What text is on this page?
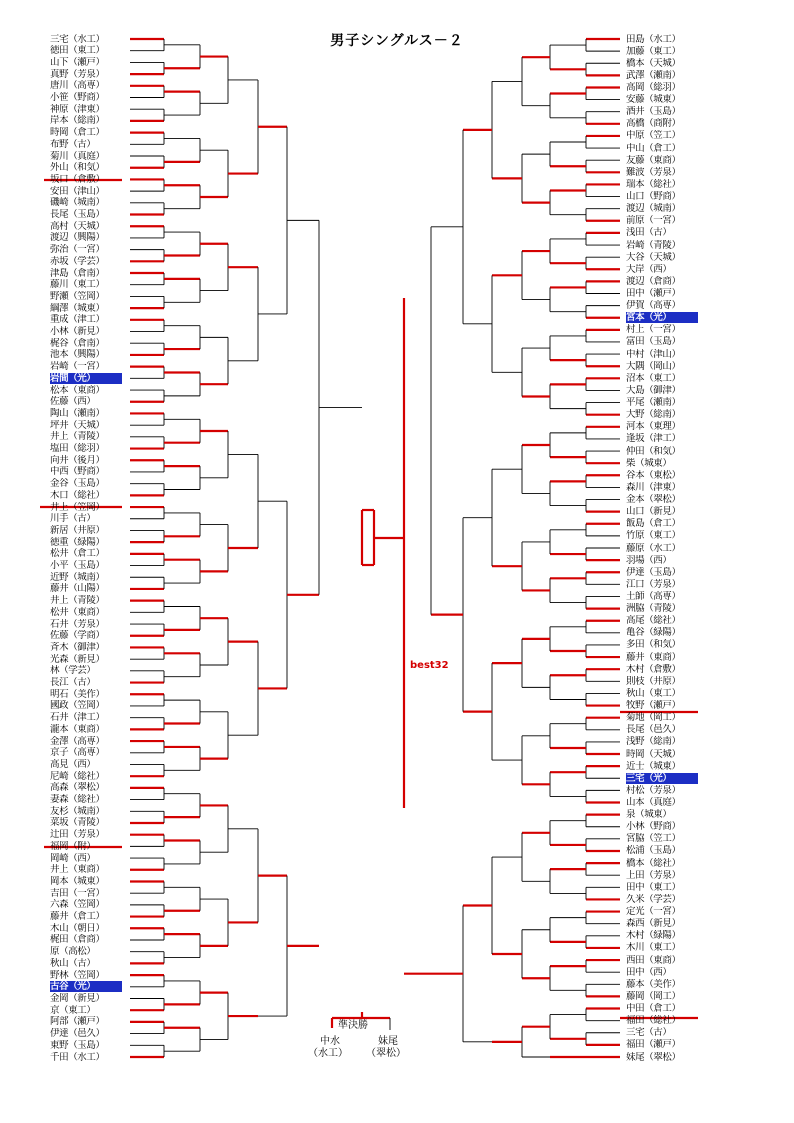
男子シングルス－２
三宅（水工）
徳田（東工）
山下（瀬戸）
真野（芳泉）
唐川（高専）
小笹（野商）
神原（津東）
岸本（総南）
時岡（倉工）
布野（古）
菊川（真庭）
外山（和気）
坂口（倉敷）
安田（津山）
磯崎（城南）
長尾（玉島）
高村（天城）
渡辺（興陽）
弥治（一宮）
赤坂（学芸）
津島（倉南）
藤川（東工）
野瀬（笠岡）
綱澤（城東）
重成（津工）
小林（新見）
梶谷（倉南）
池本（興陽）
岩崎（一宮）
岩間（光）
松本（東商）
佐藤（西）
陶山（瀬南）
坪井（天城）
井上（青陵）
塩田（総羽）
向井（後月）
中西（野商）
金谷（玉島）
木口（総社）
井上（笠岡）
川手（古）
新居（井原）
徳重（緑陽）
松井（倉工）
小平（玉島）
近野（城南）
藤井（山陽）
井上（青陵）
松井（東商）
石井（芳泉）
佐藤（学商）
斉木（御津）
光森（新見）
林（学芸）
長江（古）
明石（美作）
國政（笠岡）
石井（津工）
瀧本（東商）
金澤（高専）
京子（高専）
高見（西）
尼崎（総社）
高森（翠松）
妻森（総社）
友杉（城南）
菜坂（青陵）
辻田（芳泉）
福岡（附）
岡崎（西）
井上（東商）
岡本（城東）
吉田（一宮）
六森（笠岡）
藤井（倉工）
木山（朝日）
梶田（倉商）
原（高松）
秋山（古）
野林（笠岡）
古谷（光）
金岡（新見）
京（東工）
阿部（瀬戸）
伊達（邑久）
東野（玉島）
千田（水工）
田島（水工）
加藤（東工）
橋本（天城）
武澤（瀬南）
高岡（総羽）
安藤（城東）
酒井（玉島）
高橋（商附）
中原（笠工）
中山（倉工）
友藤（東商）
難波（芳泉）
瑞本（総社）
山口（野商）
渡辺（城南）
前原（一宮）
浅田（古）
岩崎（青陵）
大谷（天城）
大岸（西）
渡辺（倉商）
田中（瀬戸）
伊賀（高専）
宮本（光）
村上（一宮）
富田（玉島）
中村（津山）
大隅（岡山）
沼本（東工）
大島（御津）
平尾（瀬南）
大野（総南）
河本（東理）
逢坂（津工）
仲田（和気）
柴（城東）
谷本（東松）
森川（津東）
金本（翠松）
山口（新見）
飯島（倉工）
竹原（東工）
藤原（水工）
羽場（西）
伊達（玉島）
江口（芳泉）
土師（高専）
洲脇（青陵）
高尾（総社）
亀谷（緑陽）
多田（和気）
藤井（東商）
木村（倉敷）
則枝（井原）
秋山（東工）
牧野（瀬戸）
菊地（岡工）
長尾（邑久）
浅野（総南）
時岡（天城）
近士（城東）
三宅（光）
村松（芳泉）
山本（真庭）
泉（城東）
小林（野商）
宮脇（笠工）
松浦（玉島）
橋本（総社）
上田（芳泉）
田中（東工）
久米（学芸）
定光（一宮）
森西（新見）
木村（緑陽）
木川（東工）
西田（東商）
田中（西）
藤本（美作）
藤岡（岡工）
中田（倉工）
福田（総社）
三宅（古）
福田（瀬戸）
妹尾（翠松）
best32
準決勝
中水
（水工）
妹尾
（翠松）
